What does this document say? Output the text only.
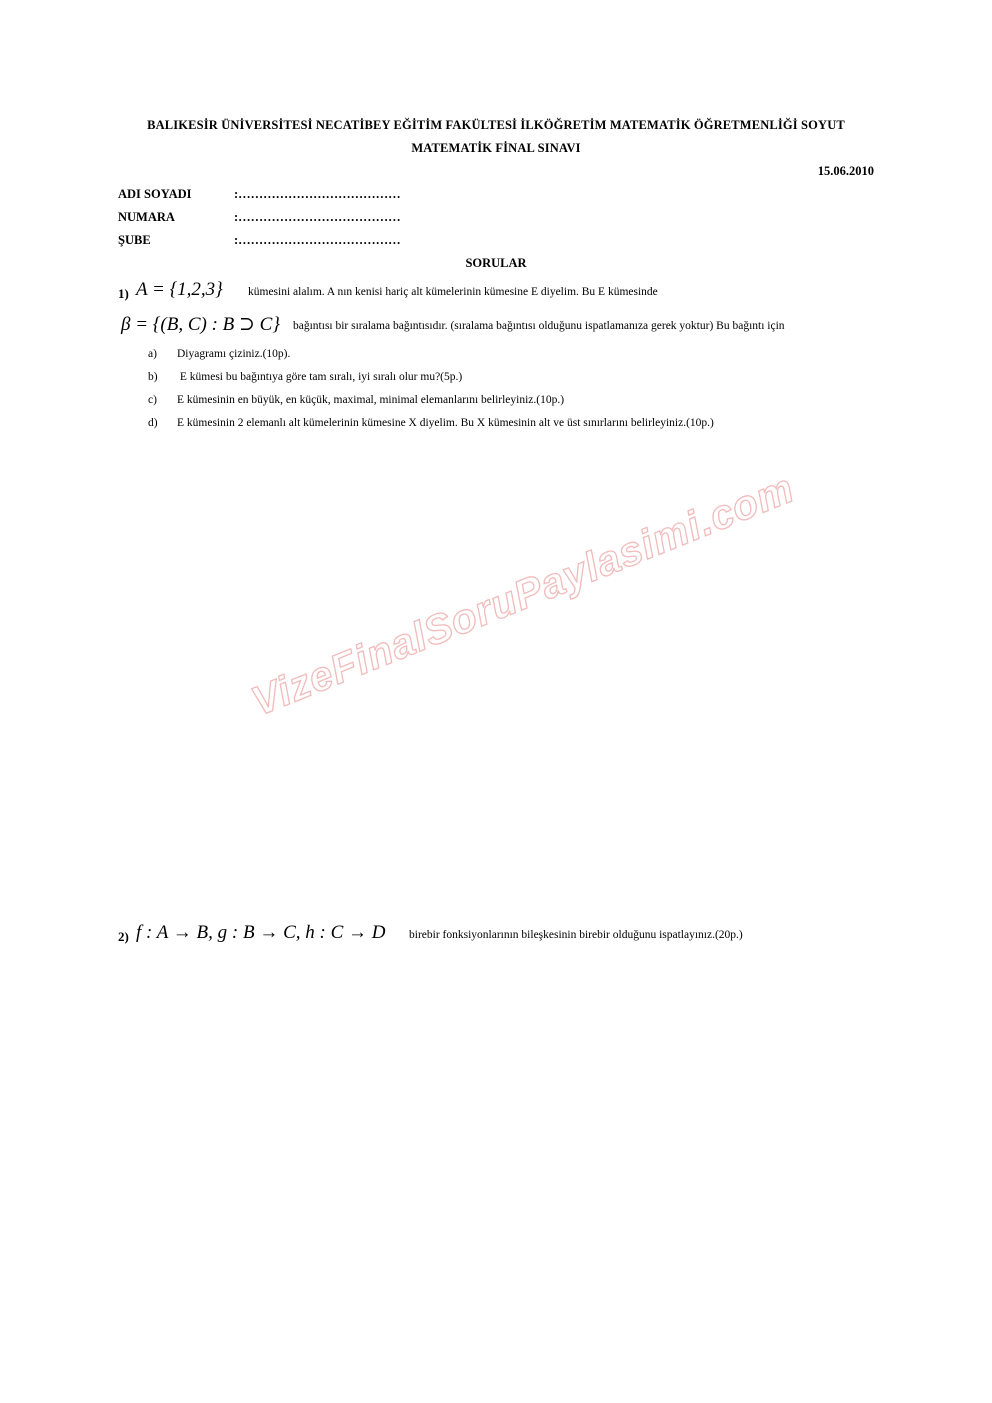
BALIKESİR ÜNİVERSİTESİ NECATİBEY EĞİTİM FAKÜLTESİ İLKÖĞRETİM MATEMATİK ÖĞRETMENLİĞİ SOYUT
MATEMATİK FİNAL SINAVI
15.06.2010
ADI SOYADI	:…………………………………
NUMARA	:…………………………………
ŞUBE	:…………………………………
SORULAR
1) A = {1,2,3} kümesini alalım. A nın kenisi hariç alt kümelerinin kümesine E diyelim. Bu E kümesinde
β = {(B, C) : B ⊃ C} bağıntısı bir sıralama bağıntısıdır. (sıralama bağıntısı olduğunu ispatlamanıza gerek yoktur) Bu bağıntı için
a) Diyagramı çiziniz.(10p).
b) E kümesi bu bağıntıya göre tam sıralı, iyi sıralı olur mu?(5p.)
c) E kümesinin en büyük, en küçük, maximal, minimal elemanlarını belirleyiniz.(10p.)
d) E kümesinin 2 elemanlı alt kümelerinin kümesine X diyelim. Bu X kümesinin alt ve üst sınırlarını belirleyiniz.(10p.)
VizeFinalSoruPaylasimi.com
2) f : A → B, g : B → C, h : C → D birebir fonksiyonlarının bileşkesinin birebir olduğunu ispatlayınız.(20p.)
